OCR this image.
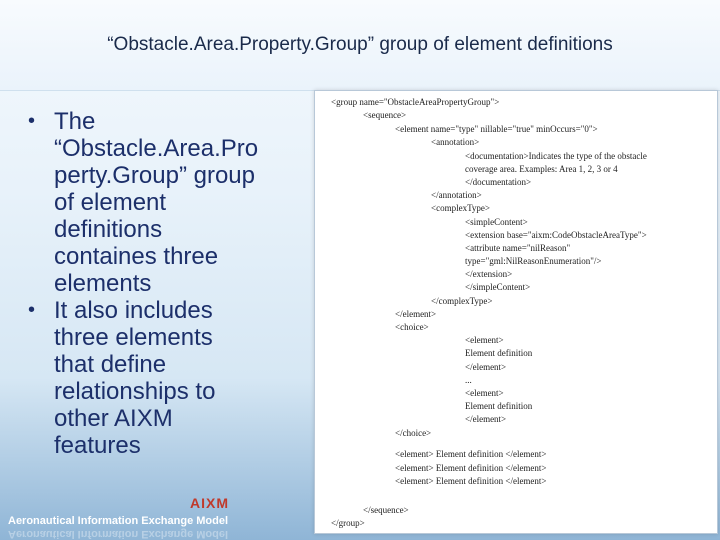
“Obstacle.Area.Property.Group” group of element definitions
• The
“Obstacle.Area.Pro
perty.Group” group
of element
definitions
containes three
elements
• It also includes
three elements
that define
relationships to
other AIXM
features
AIXM
Aeronautical Information Exchange Model
Aeronautical Information Exchange Model
<group name="ObstacleAreaPropertyGroup">
<sequence>
<element name="type" nillable="true" minOccurs="0">
<annotation>
<documentation>Indicates the type of the obstacle
coverage area. Examples: Area 1, 2, 3 or 4
</documentation>
</annotation>
<complexType>
<simpleContent>
<extension base="aixm:CodeObstacleAreaType">
<attribute name="nilReason"
type="gml:NilReasonEnumeration"/>
</extension>
</simpleContent>
</complexType>
</element>
<choice>
<element>
Element definition
</element>
...
<element>
Element definition
</element>
</choice>
<element> Element definition </element>
<element> Element definition </element>
<element> Element definition </element>
</sequence>
</group>
